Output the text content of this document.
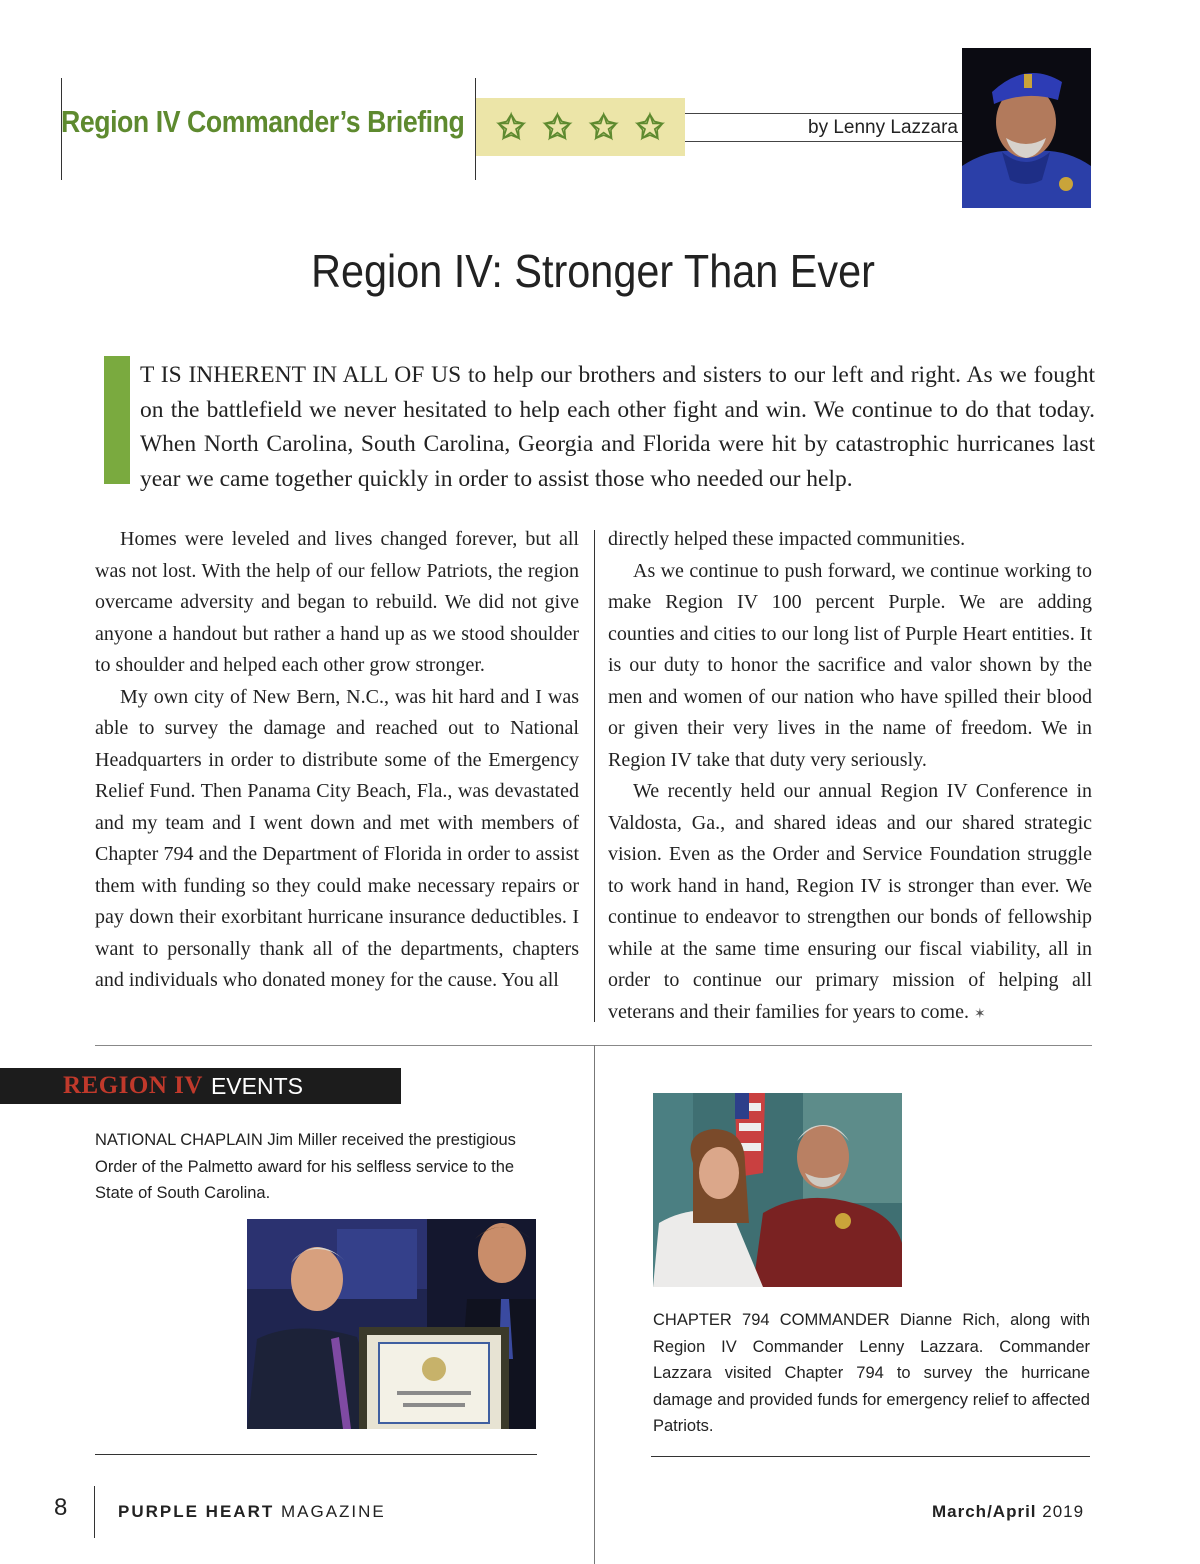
Region IV Commander’s Briefing ✩ ✩ ✩ ✩	by Lenny Lazzara
Region IV: Stronger Than Ever
T IS INHERENT IN ALL OF US to help our brothers and sisters to our left and right. As we fought on the battlefield we never hesitated to help each other fight and win. We continue to do that today. When North Carolina, South Carolina, Georgia and Florida were hit by catastrophic hurricanes last year we came together quickly in order to assist those who needed our help.

Homes were leveled and lives changed forever, but all was not lost. With the help of our fellow Patriots, the region overcame adversity and began to rebuild. We did not give anyone a handout but rather a hand up as we stood shoulder to shoulder and helped each other grow stronger.

My own city of New Bern, N.C., was hit hard and I was able to survey the damage and reached out to National Headquarters in order to distribute some of the Emergency Relief Fund. Then Panama City Beach, Fla., was devastated and my team and I went down and met with members of Chapter 794 and the Department of Florida in order to assist them with funding so they could make necessary repairs or pay down their exorbitant hurricane insurance deductibles. I want to personally thank all of the departments, chapters and individuals who donated money for the cause. You all

directly helped these impacted communities.

As we continue to push forward, we continue working to make Region IV 100 percent Purple. We are adding counties and cities to our long list of Purple Heart entities. It is our duty to honor the sacrifice and valor shown by the men and women of our nation who have spilled their blood or given their very lives in the name of freedom. We in Region IV take that duty very seriously.

We recently held our annual Region IV Conference in Valdosta, Ga., and shared ideas and our shared strategic vision. Even as the Order and Service Foundation struggle to work hand in hand, Region IV is stronger than ever. We continue to endeavor to strengthen our bonds of fellowship while at the same time ensuring our fiscal viability, all in order to continue our primary mission of helping all veterans and their families for years to come. ✶

REGION IV EVENTS
NATIONAL CHAPLAIN Jim Miller received the prestigious Order of the Palmetto award for his selfless service to the State of South Carolina.
CHAPTER 794 COMMANDER Dianne Rich, along with Region IV Commander Lenny Lazzara. Commander Lazzara visited Chapter 794 to survey the hurricane damage and provided funds for emergency relief to affected Patriots.
8	PURPLE HEART MAGAZINE	March/April 2019
